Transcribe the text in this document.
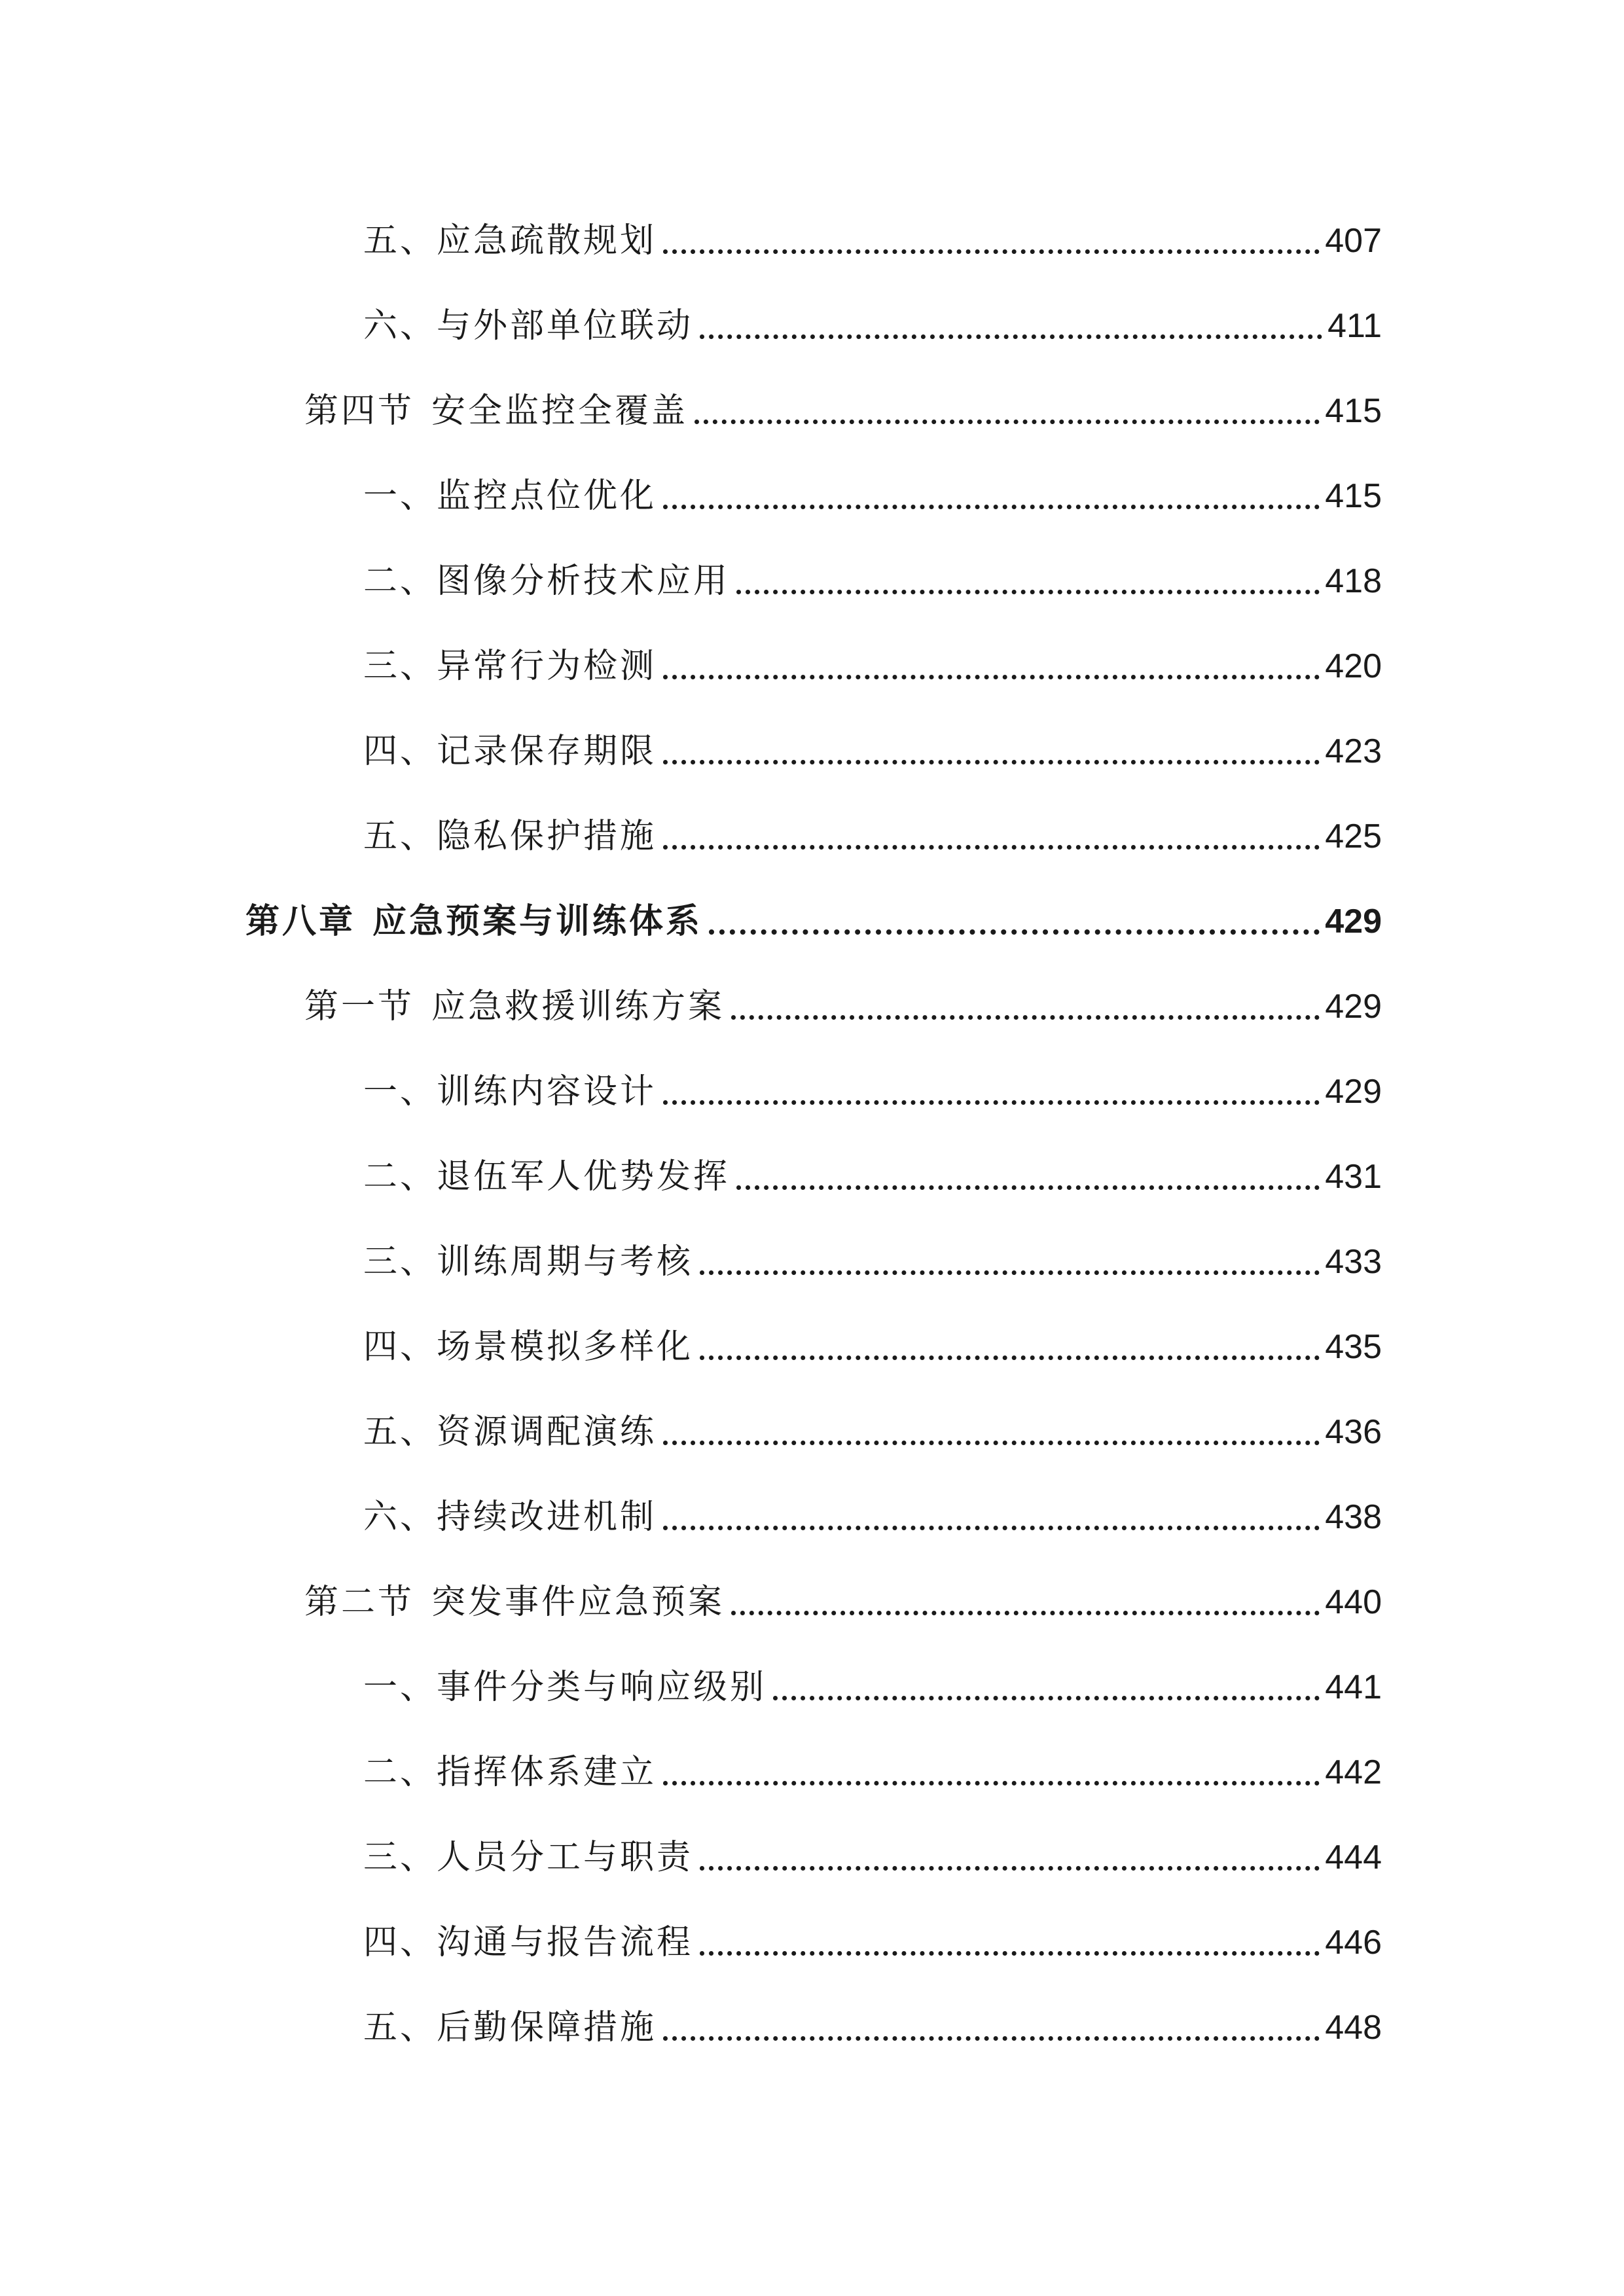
五、应急疏散规划	407
六、与外部单位联动	411
第四节 安全监控全覆盖	415
一、监控点位优化	415
二、图像分析技术应用	418
三、异常行为检测	420
四、记录保存期限	423
五、隐私保护措施	425
第八章 应急预案与训练体系	429
第一节 应急救援训练方案	429
一、训练内容设计	429
二、退伍军人优势发挥	431
三、训练周期与考核	433
四、场景模拟多样化	435
五、资源调配演练	436
六、持续改进机制	438
第二节 突发事件应急预案	440
一、事件分类与响应级别	441
二、指挥体系建立	442
三、人员分工与职责	444
四、沟通与报告流程	446
五、后勤保障措施	448
